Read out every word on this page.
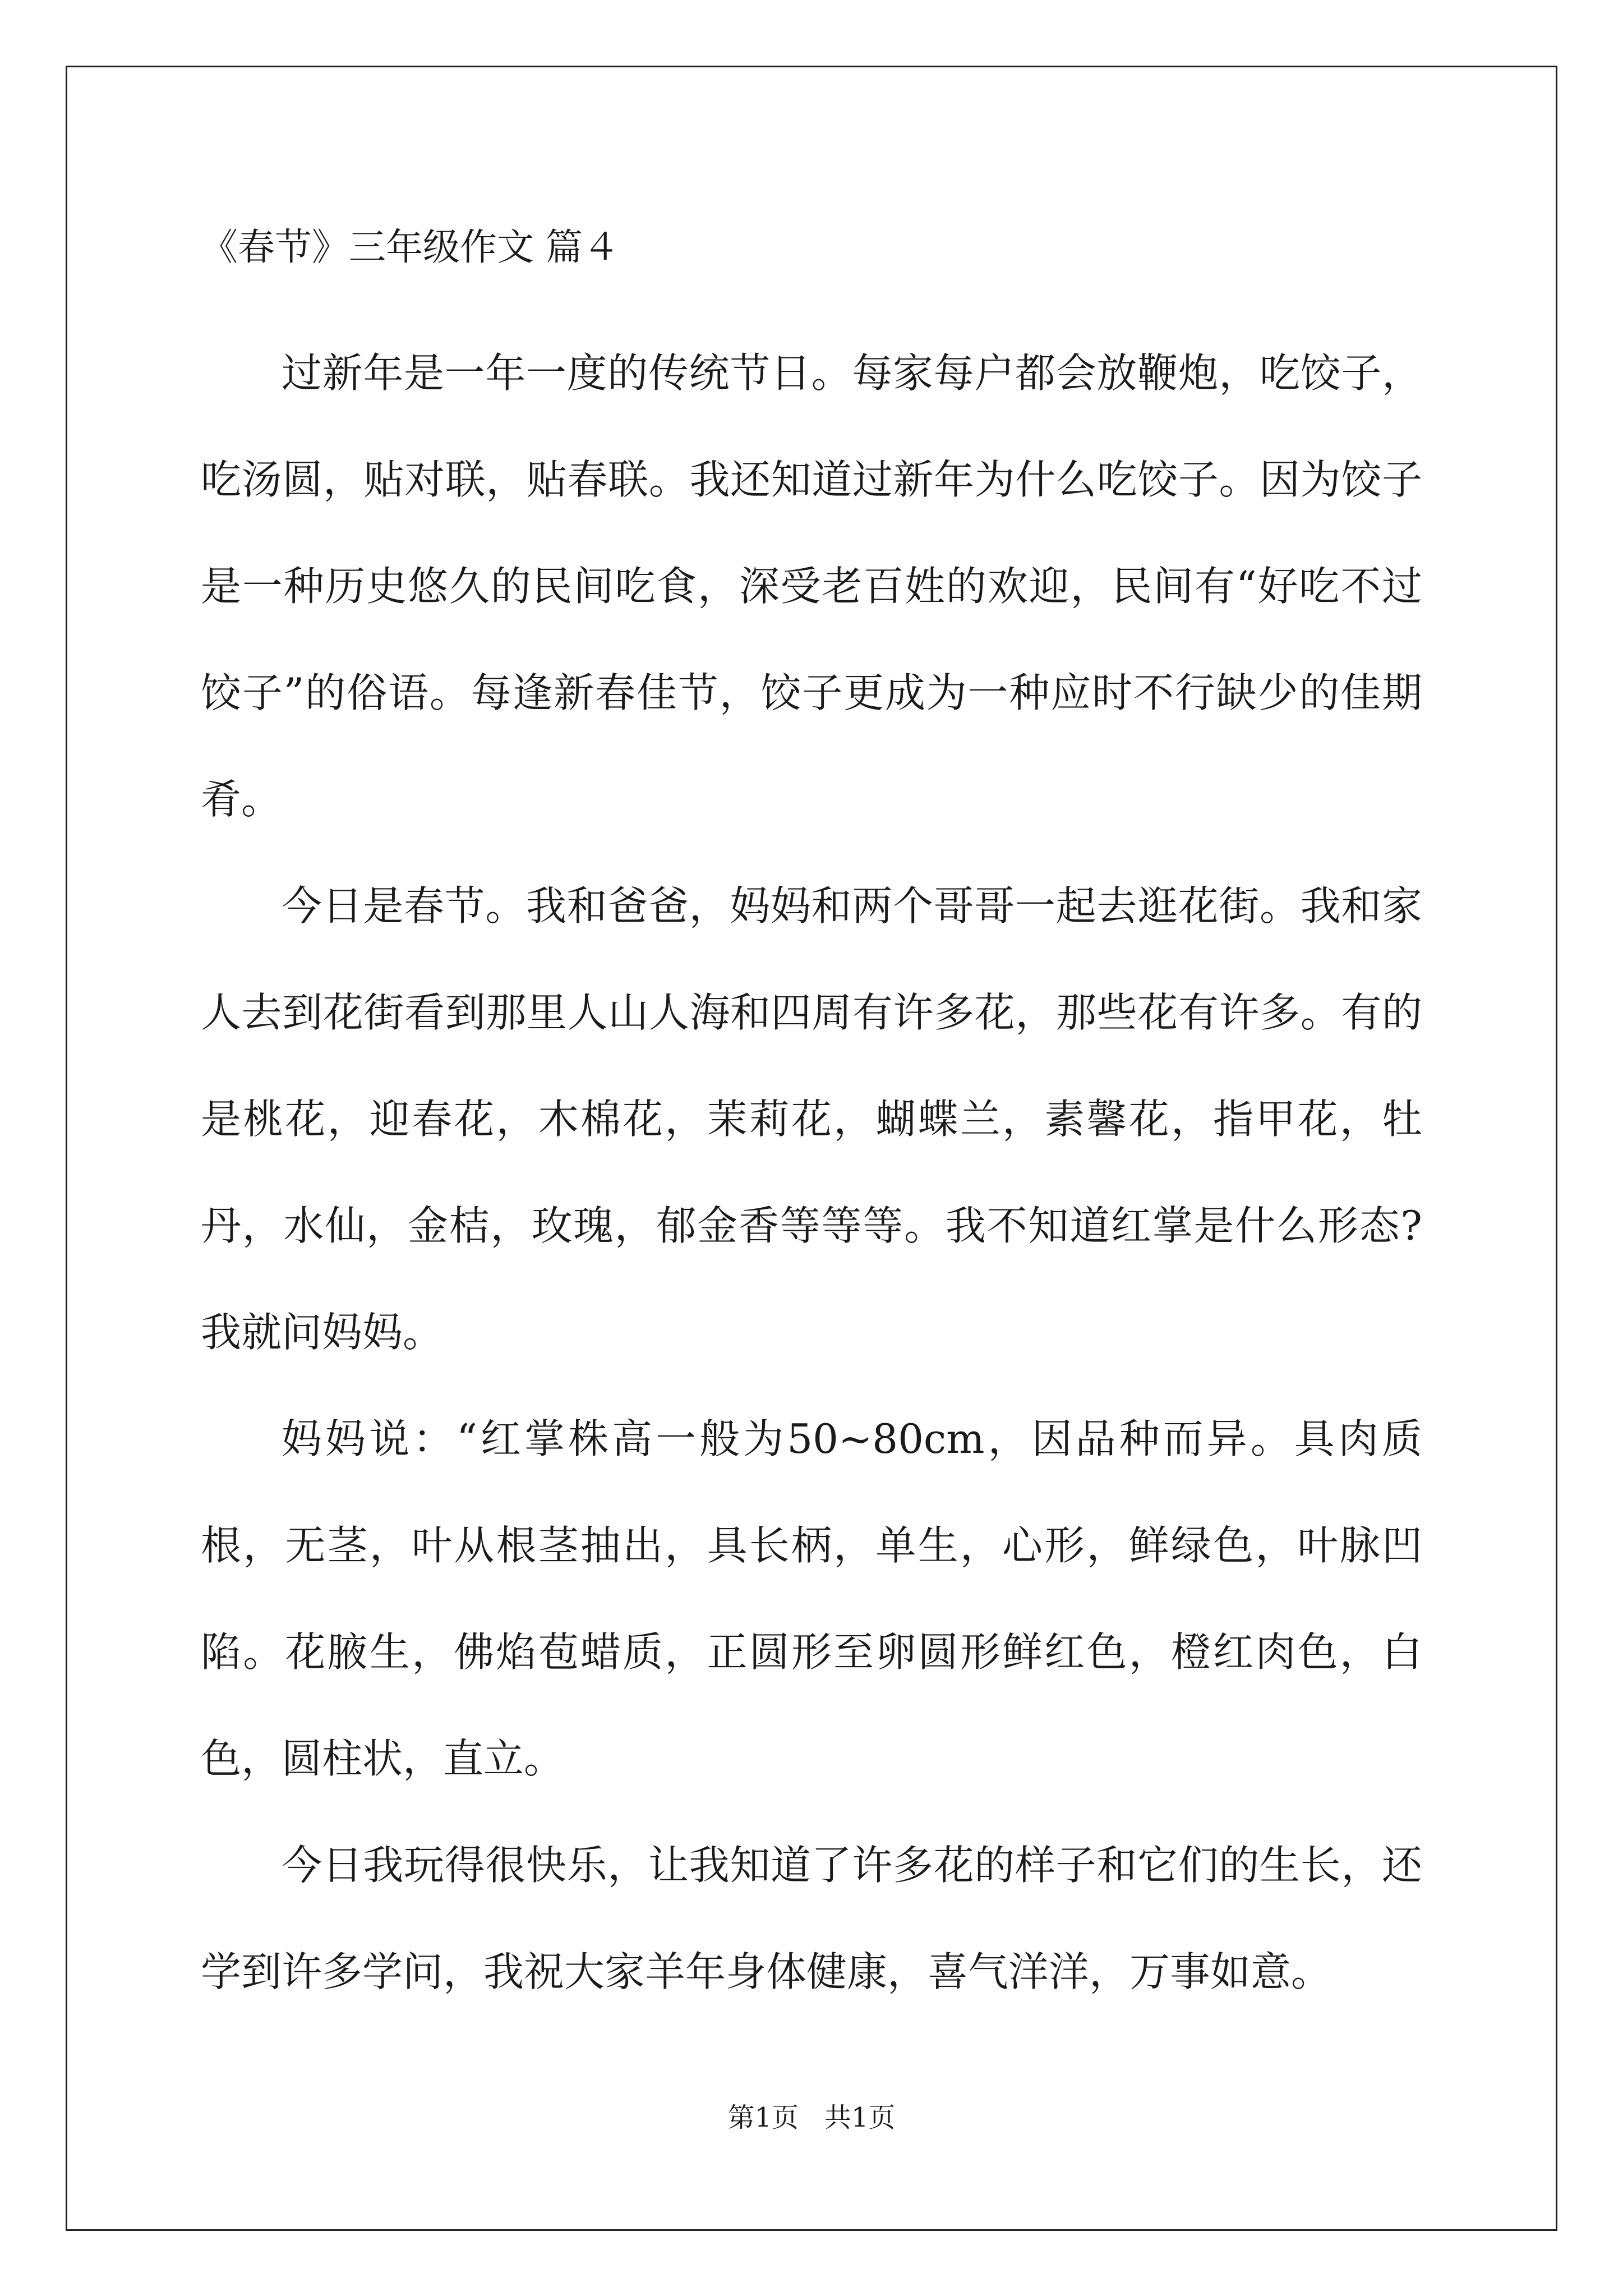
《春节》三年级作文 篇４

过新年是一年一度的传统节日。每家每户都会放鞭炮，吃饺子，吃汤圆，贴对联，贴春联。我还知道过新年为什么吃饺子。因为饺子是一种历史悠久的民间吃食，深受老百姓的欢迎，民间有“好吃不过饺子”的俗语。每逢新春佳节，饺子更成为一种应时不行缺少的佳期肴。

今日是春节。我和爸爸，妈妈和两个哥哥一起去逛花街。我和家人去到花街看到那里人山人海和四周有许多花，那些花有许多。有的是桃花，迎春花，木棉花，茉莉花，蝴蝶兰，素馨花，指甲花，牡丹，水仙，金桔，玫瑰，郁金香等等等。我不知道红掌是什么形态?我就问妈妈。

妈妈说：“红掌株高一般为50~80cm，因品种而异。具肉质根，无茎，叶从根茎抽出，具长柄，单生，心形，鲜绿色，叶脉凹陷。花腋生，佛焰苞蜡质，正圆形至卵圆形鲜红色，橙红肉色，白色，圆柱状，直立。

今日我玩得很快乐，让我知道了许多花的样子和它们的生长，还学到许多学问，我祝大家羊年身体健康，喜气洋洋，万事如意。

第1页   共1页
